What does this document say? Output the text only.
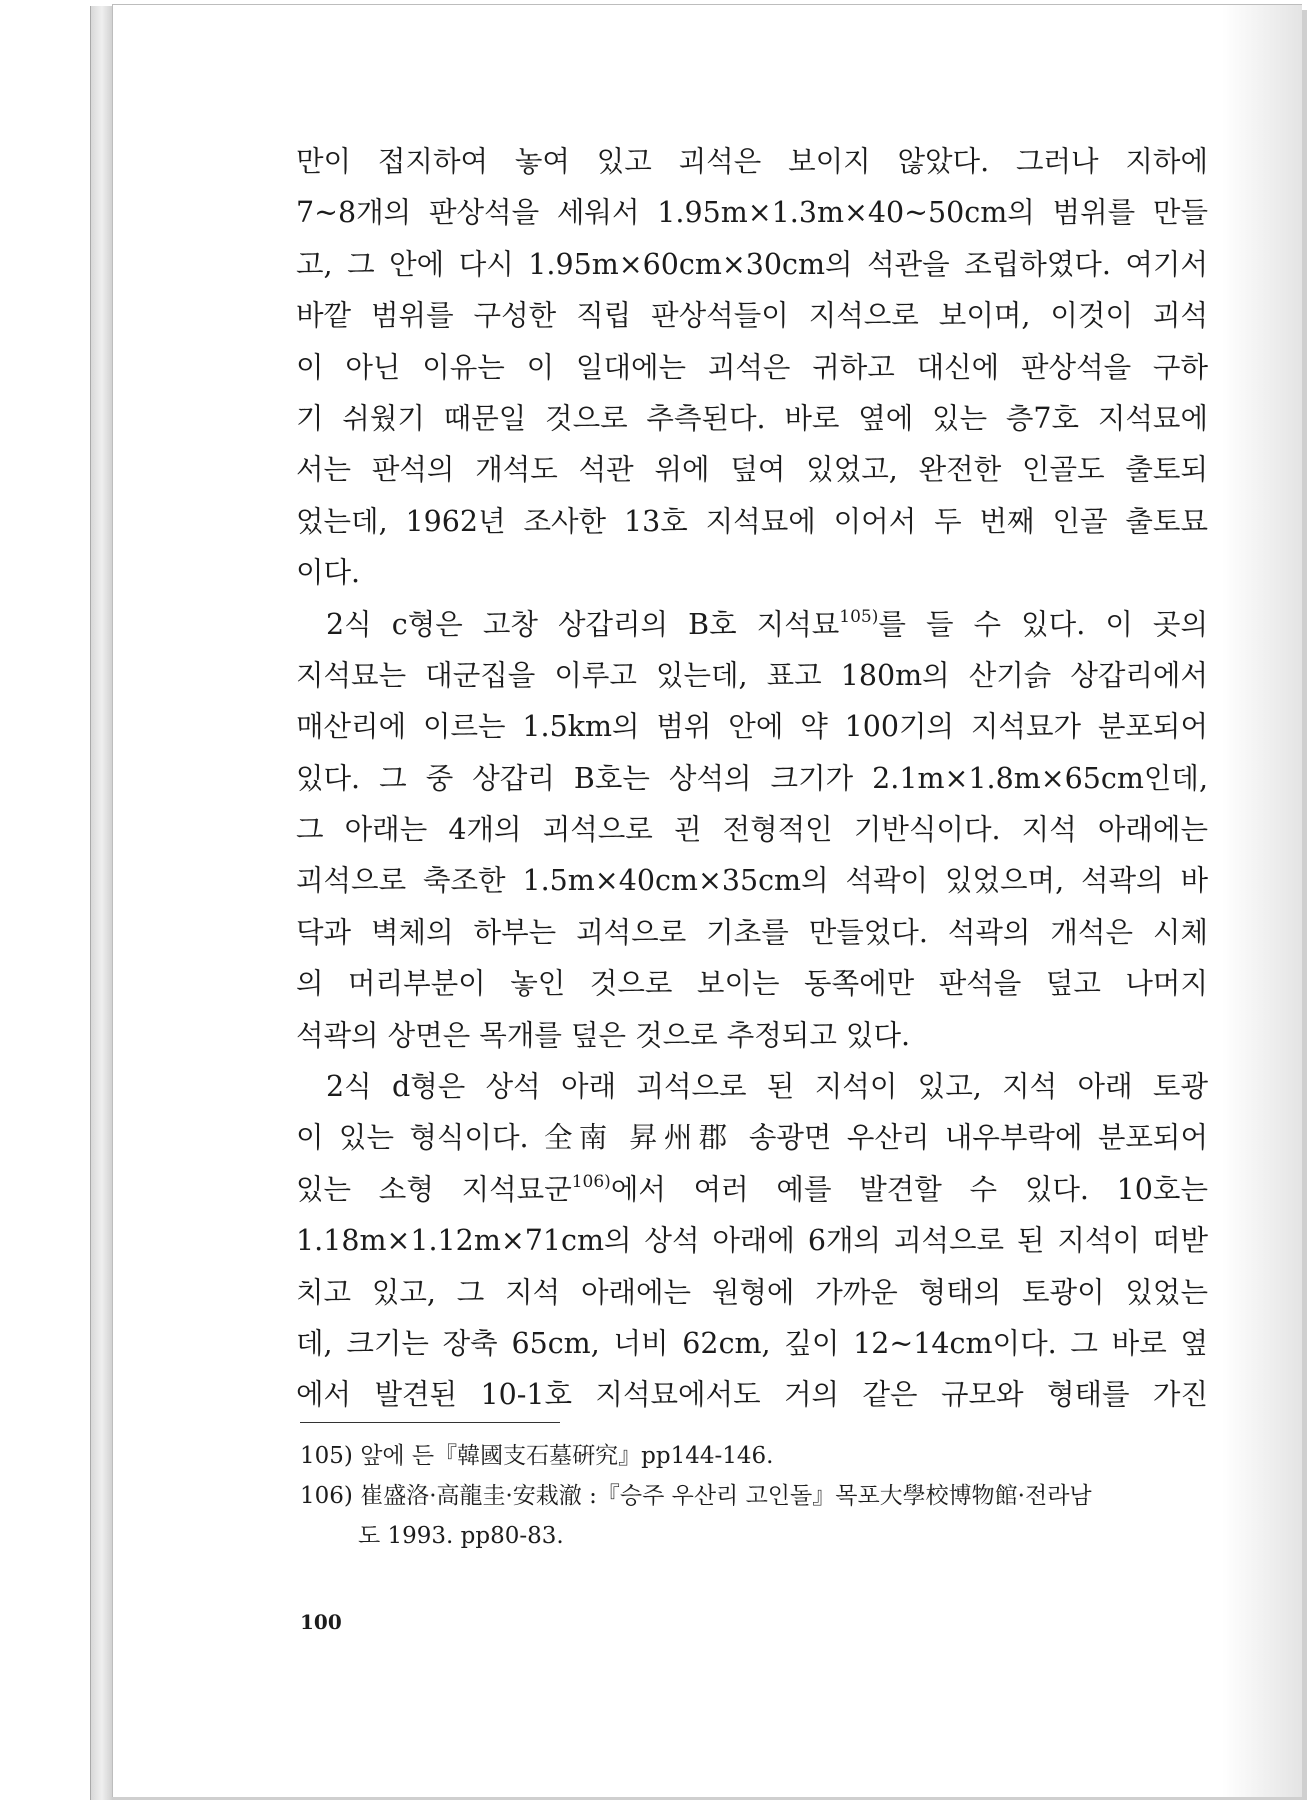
만이 접지하여 놓여 있고 괴석은 보이지 않았다. 그러나 지하에
7~8개의 판상석을 세워서 1.95m×1.3m×40~50cm의 범위를 만들
고, 그 안에 다시 1.95m×60cm×30cm의 석관을 조립하였다. 여기서
바깥 범위를 구성한 직립 판상석들이 지석으로 보이며, 이것이 괴석
이 아닌 이유는 이 일대에는 괴석은 귀하고 대신에 판상석을 구하
기 쉬웠기 때문일 것으로 추측된다. 바로 옆에 있는 층7호 지석묘에
서는 판석의 개석도 석관 위에 덮여 있었고, 완전한 인골도 출토되
었는데, 1962년 조사한 13호 지석묘에 이어서 두 번째 인골 출토묘
이다.
2식 c형은 고창 상갑리의 B호 지석묘$^{105)}$를 들 수 있다. 이 곳의
지석묘는 대군집을 이루고 있는데, 표고 180m의 산기슭 상갑리에서
매산리에 이르는 1.5km의 범위 안에 약 100기의 지석묘가 분포되어
있다. 그 중 상갑리 B호는 상석의 크기가 2.1m×1.8m×65cm인데,
그 아래는 4개의 괴석으로 괸 전형적인 기반식이다. 지석 아래에는
괴석으로 축조한 1.5m×40cm×35cm의 석곽이 있었으며, 석곽의 바
닥과 벽체의 하부는 괴석으로 기초를 만들었다. 석곽의 개석은 시체
의 머리부분이 놓인 것으로 보이는 동쪽에만 판석을 덮고 나머지
석곽의 상면은 목개를 덮은 것으로 추정되고 있다.
2식 d형은 상석 아래 괴석으로 된 지석이 있고, 지석 아래 토광
이 있는 형식이다. 全南 昇州郡 송광면 우산리 내우부락에 분포되어
있는 소형 지석묘군$^{106)}$에서 여러 예를 발견할 수 있다. 10호는
1.18m×1.12m×71cm의 상석 아래에 6개의 괴석으로 된 지석이 떠받
치고 있고, 그 지석 아래에는 원형에 가까운 형태의 토광이 있었는
데, 크기는 장축 65cm, 너비 62cm, 깊이 12~14cm이다. 그 바로 옆
에서 발견된 10-1호 지석묘에서도 거의 같은 규모와 형태를 가진
105) 앞에 든『韓國支石墓硏究』pp144-146.
106) 崔盛洛·高龍圭·安栽澈 :『승주 우산리 고인돌』목포大學校博物館·전라남
도 1993. pp80-83.
100
